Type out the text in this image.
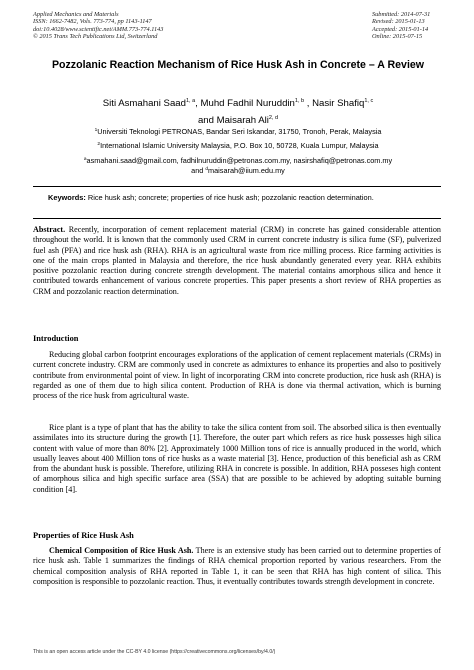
Applied Mechanics and Materials
ISSN: 1662-7482, Vols. 773-774, pp 1143-1147
doi:10.4028/www.scientific.net/AMM.773-774.1143
© 2015 Trans Tech Publications Ltd, Switzerland
Submitted: 2014-07-31
Revised: 2015-01-13
Accepted: 2015-01-14
Online: 2015-07-15
Pozzolanic Reaction Mechanism of Rice Husk Ash in Concrete – A Review
Siti Asmahani Saad$^{1, a}$, Muhd Fadhil Nuruddin$^{1, b}$ , Nasir Shafiq$^{1, c}$
and Maisarah Ali$^{2, d}$
$^1$Universiti Teknologi PETRONAS, Bandar Seri Iskandar, 31750, Tronoh, Perak, Malaysia
$^2$International Islamic University Malaysia, P.O. Box 10, 50728, Kuala Lumpur, Malaysia
$^a$asmahani.saad@gmail.com, fadhilnuruddin@petronas.com.my, nasirshafiq@petronas.com.my
and $^d$maisarah@iium.edu.my
Keywords: Rice husk ash; concrete; properties of rice husk ash; pozzolanic reaction determination.
Abstract. Recently, incorporation of cement replacement material (CRM) in concrete has gained considerable attention throughout the world. It is known that the commonly used CRM in current concrete industry is silica fume (SF), pulverized fuel ash (PFA) and rice husk ash (RHA). RHA is an agricultural waste from rice milling process. Rice farming activities is one of the main crops planted in Malaysia and therefore, the rice husk abundantly generated every year. RHA exhibits positive pozzolanic reaction during concrete strength development. The material contains amorphous silica and hence it contributed towards enhancement of various concrete properties. This paper presents a short review of RHA properties as CRM and pozzolanic reaction determination.
Introduction
Reducing global carbon footprint encourages explorations of the application of cement replacement materials (CRMs) in current concrete industry. CRM are commonly used in concrete as admixtures to enhance its properties and also to positively contribute from environmental point of view. In light of incorporating CRM into concrete production, rice husk ash (RHA) is regarded as one of them due to high silica content. Production of RHA is done via thermal activation, which is burning process of the rice husk from agricultural waste.
Rice plant is a type of plant that has the ability to take the silica content from soil. The absorbed silica is then eventually assimilates into its structure during the growth [1]. Therefore, the outer part which refers as rice husk possesses high silica content with value of more than 80% [2]. Approximately 1000 Million tons of rice is annually produced in the world, which usually leaves about 400 Million tons of rice husks as a waste material [3]. Hence, production of this beneficial ash as CRM from the abundant husk is possible. Therefore, utilizing RHA in concrete is possible. In addition, RHA posseses high content of amorphous silica and high specific surface area (SSA) that are possible to be achieved by adopting suitable burning condition [4].
Properties of Rice Husk Ash
Chemical Composition of Rice Husk Ash. There is an extensive study has been carried out to determine properties of rice husk ash. Table 1 summarizes the findings of RHA chemical proportion reported by various researchers. From the chemical composition analysis of RHA reported in Table 1, it can be seen that RHA has high content of silica. This composition is responsible to pozzolanic reaction. Thus, it eventually contributes towards strength development in concrete.
This is an open access article under the CC-BY 4.0 license (https://creativecommons.org/licenses/by/4.0/)
